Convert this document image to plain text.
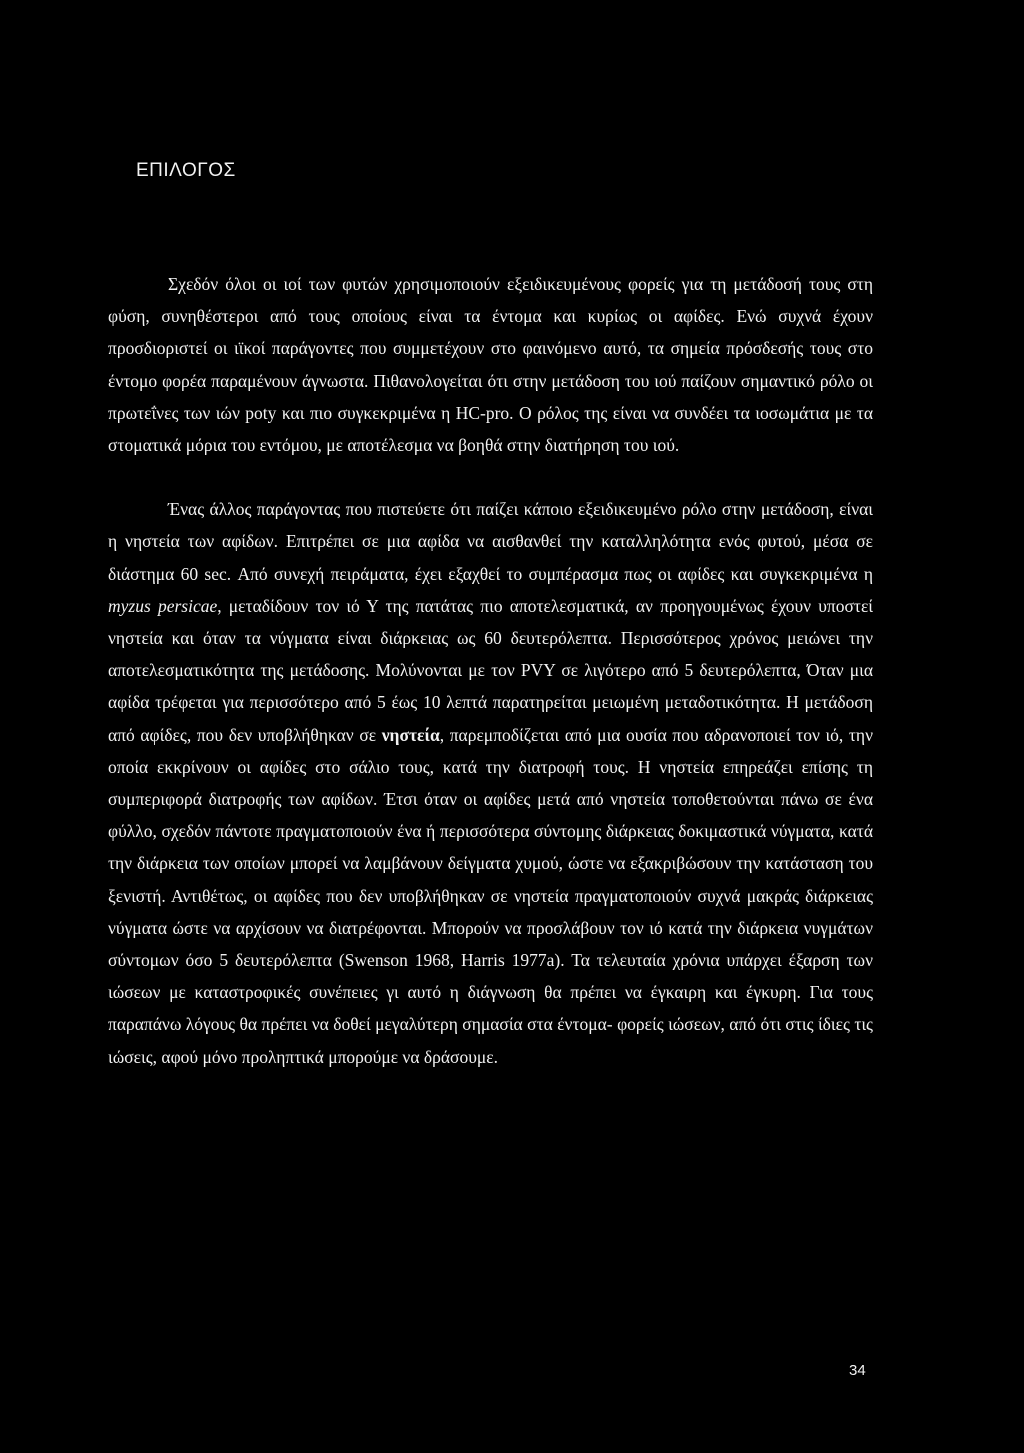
ΕΠΙΛΟΓΟΣ

Σχεδόν όλοι οι ιοί των φυτών χρησιμοποιούν εξειδικευμένους φορείς για τη μετάδοσή τους στη φύση, συνηθέστεροι από τους οποίους είναι τα έντομα και κυρίως οι αφίδες. Ενώ συχνά έχουν προσδιοριστεί οι ιϊκοί παράγοντες που συμμετέχουν στο φαινόμενο αυτό, τα σημεία πρόσδεσής τους στο έντομο φορέα παραμένουν άγνωστα. Πιθανολογείται ότι στην μετάδοση του ιού παίζουν σημαντικό ρόλο οι πρωτεΐνες των ιών poty και πιο συγκεκριμένα η HC-pro. Ο ρόλος της είναι να συνδέει τα ιοσωμάτια με τα στοματικά μόρια του εντόμου, με αποτέλεσμα να βοηθά στην διατήρηση του ιού.

Ένας άλλος παράγοντας που πιστεύετε ότι παίζει κάποιο εξειδικευμένο ρόλο στην μετάδοση, είναι η νηστεία των αφίδων. Επιτρέπει σε μια αφίδα να αισθανθεί την καταλληλότητα ενός φυτού, μέσα σε διάστημα 60 sec. Από συνεχή πειράματα, έχει εξαχθεί το συμπέρασμα πως οι αφίδες και συγκεκριμένα η myzus persicae, μεταδίδουν τον ιό Υ της πατάτας πιο αποτελεσματικά, αν προηγουμένως έχουν υποστεί νηστεία και όταν τα νύγματα είναι διάρκειας ως 60 δευτερόλεπτα. Περισσότερος χρόνος μειώνει την αποτελεσματικότητα της μετάδοσης. Μολύνονται με τον PVY σε λιγότερο από 5 δευτερόλεπτα, Όταν μια αφίδα τρέφεται για περισσότερο από 5 έως 10 λεπτά παρατηρείται μειωμένη μεταδοτικότητα. Η μετάδοση από αφίδες, που δεν υποβλήθηκαν σε νηστεία, παρεμποδίζεται από μια ουσία που αδρανοποιεί τον ιό, την οποία εκκρίνουν οι αφίδες στο σάλιο τους, κατά την διατροφή τους. Η νηστεία επηρεάζει επίσης τη συμπεριφορά διατροφής των αφίδων. Έτσι όταν οι αφίδες μετά από νηστεία τοποθετούνται πάνω σε ένα φύλλο, σχεδόν πάντοτε πραγματοποιούν ένα ή περισσότερα σύντομης διάρκειας δοκιμαστικά νύγματα, κατά την διάρκεια των οποίων μπορεί να λαμβάνουν δείγματα χυμού, ώστε να εξακριβώσουν την κατάσταση του ξενιστή. Αντιθέτως, οι αφίδες που δεν υποβλήθηκαν σε νηστεία πραγματοποιούν συχνά μακράς διάρκειας νύγματα ώστε να αρχίσουν να διατρέφονται. Μπορούν να προσλάβουν τον ιό κατά την διάρκεια νυγμάτων σύντομων όσο 5 δευτερόλεπτα (Swenson 1968, Harris 1977a). Τα τελευταία χρόνια υπάρχει έξαρση των ιώσεων με καταστροφικές συνέπειες γι αυτό η διάγνωση θα πρέπει να έγκαιρη και έγκυρη. Για τους παραπάνω λόγους θα πρέπει να δοθεί μεγαλύτερη σημασία στα έντομα- φορείς ιώσεων, από ότι στις ίδιες τις ιώσεις, αφού μόνο προληπτικά μπορούμε να δράσουμε.

34
